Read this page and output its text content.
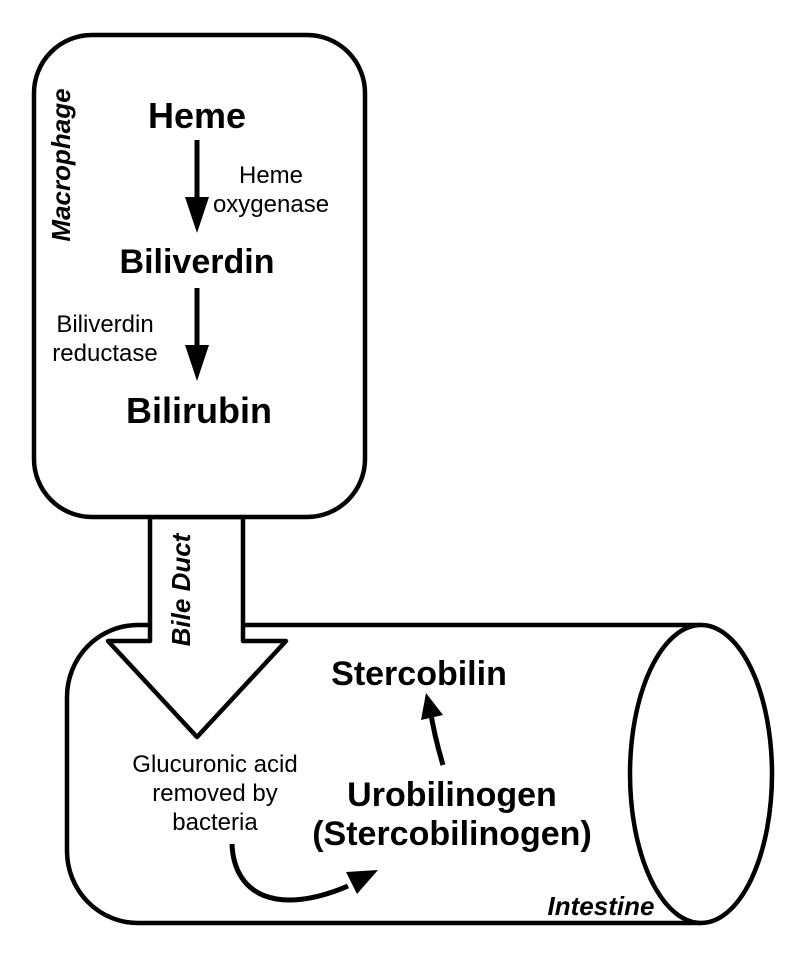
Heme
Heme
oxygenase
Biliverdin
Biliverdin
reductase
Bilirubin
Macrophage
Bile Duct
Stercobilin
Glucuronic acid
removed by
bacteria
Urobilinogen
(Stercobilinogen)
Intestine
